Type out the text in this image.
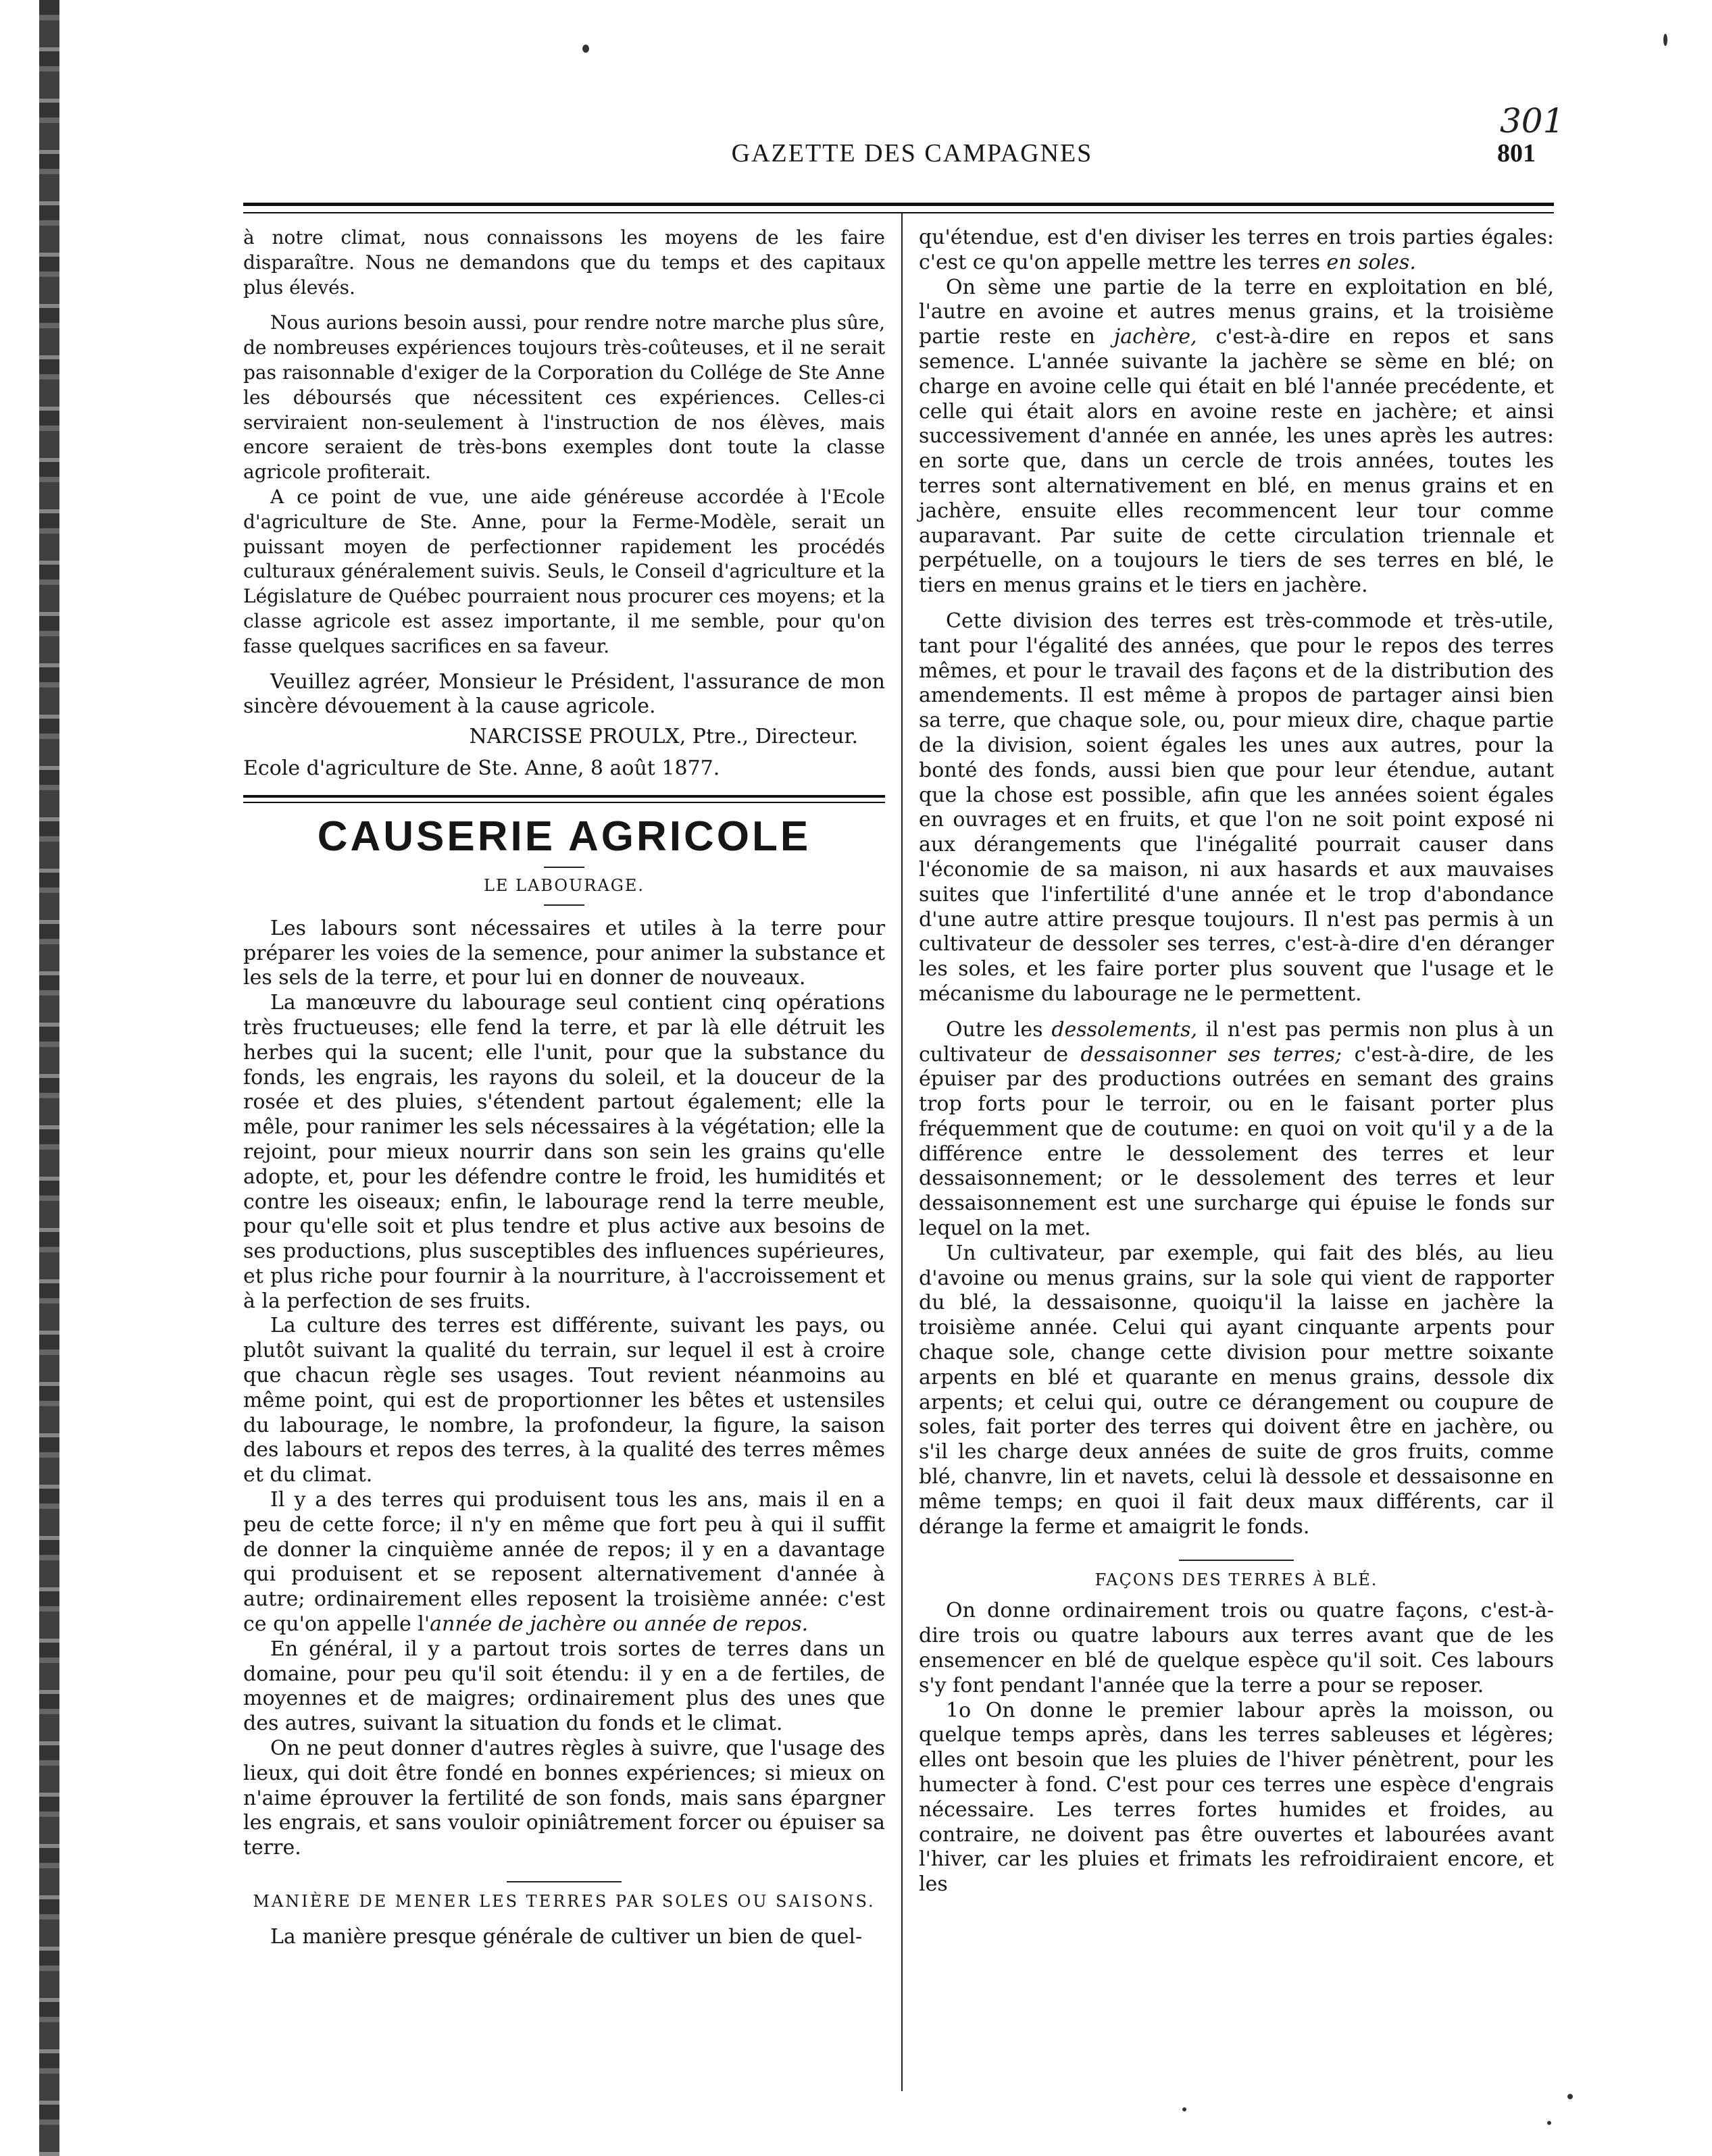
301
GAZETTE DES CAMPAGNES	801

à notre climat, nous connaissons les moyens de les faire disparaître. Nous ne demandons que du temps et des capitaux plus élevés.

Nous aurions besoin aussi, pour rendre notre marche plus sûre, de nombreuses expériences toujours très-coûteuses, et il ne serait pas raisonnable d'exiger de la Corporation du Collége de Ste Anne les déboursés que nécessitent ces expériences. Celles-ci serviraient non-seulement à l'instruction de nos élèves, mais encore seraient de très-bons exemples dont toute la classe agricole profiterait.

A ce point de vue, une aide généreuse accordée à l'Ecole d'agriculture de Ste. Anne, pour la Ferme-Modèle, serait un puissant moyen de perfectionner rapidement les procédés culturaux généralement suivis. Seuls, le Conseil d'agriculture et la Législature de Québec pourraient nous procurer ces moyens; et la classe agricole est assez importante, il me semble, pour qu'on fasse quelques sacrifices en sa faveur.

Veuillez agréer, Monsieur le Président, l'assurance de mon sincère dévouement à la cause agricole.

NARCISSE PROULX, Ptre., Directeur.

Ecole d'agriculture de Ste. Anne, 8 août 1877.

CAUSERIE AGRICOLE
LE LABOURAGE.

Les labours sont nécessaires et utiles à la terre pour préparer les voies de la semence, pour animer la substance et les sels de la terre, et pour lui en donner de nouveaux.

La manœuvre du labourage seul contient cinq opérations très fructueuses; elle fend la terre, et par là elle détruit les herbes qui la sucent; elle l'unit, pour que la substance du fonds, les engrais, les rayons du soleil, et la douceur de la rosée et des pluies, s'étendent partout également; elle la mêle, pour ranimer les sels nécessaires à la végétation; elle la rejoint, pour mieux nourrir dans son sein les grains qu'elle adopte, et, pour les défendre contre le froid, les humidités et contre les oiseaux; enfin, le labourage rend la terre meuble, pour qu'elle soit et plus tendre et plus active aux besoins de ses productions, plus susceptibles des influences supérieures, et plus riche pour fournir à la nourriture, à l'accroissement et à la perfection de ses fruits.

La culture des terres est différente, suivant les pays, ou plutôt suivant la qualité du terrain, sur lequel il est à croire que chacun règle ses usages. Tout revient néanmoins au même point, qui est de proportionner les bêtes et ustensiles du labourage, le nombre, la profondeur, la figure, la saison des labours et repos des terres, à la qualité des terres mêmes et du climat.

Il y a des terres qui produisent tous les ans, mais il en a peu de cette force; il n'y en même que fort peu à qui il suffit de donner la cinquième année de repos; il y en a davantage qui produisent et se reposent alternativement d'année à autre; ordinairement elles reposent la troisième année: c'est ce qu'on appelle l'année de jachère ou année de repos.

En général, il y a partout trois sortes de terres dans un domaine, pour peu qu'il soit étendu: il y en a de fertiles, de moyennes et de maigres; ordinairement plus des unes que des autres, suivant la situation du fonds et le climat.

On ne peut donner d'autres règles à suivre, que l'usage des lieux, qui doit être fondé en bonnes expériences; si mieux on n'aime éprouver la fertilité de son fonds, mais sans épargner les engrais, et sans vouloir opiniâtrement forcer ou épuiser sa terre.

MANIÈRE DE MENER LES TERRES PAR SOLES OU SAISONS.

La manière presque générale de cultiver un bien de quel-

qu'étendue, est d'en diviser les terres en trois parties égales: c'est ce qu'on appelle mettre les terres en soles.

On sème une partie de la terre en exploitation en blé, l'autre en avoine et autres menus grains, et la troisième partie reste en jachère, c'est-à-dire en repos et sans semence. L'année suivante la jachère se sème en blé; on charge en avoine celle qui était en blé l'année precédente, et celle qui était alors en avoine reste en jachère; et ainsi successivement d'année en année, les unes après les autres: en sorte que, dans un cercle de trois années, toutes les terres sont alternativement en blé, en menus grains et en jachère, ensuite elles recommencent leur tour comme auparavant. Par suite de cette circulation triennale et perpétuelle, on a toujours le tiers de ses terres en blé, le tiers en menus grains et le tiers en jachère.

Cette division des terres est très-commode et très-utile, tant pour l'égalité des années, que pour le repos des terres mêmes, et pour le travail des façons et de la distribution des amendements. Il est même à propos de partager ainsi bien sa terre, que chaque sole, ou, pour mieux dire, chaque partie de la division, soient égales les unes aux autres, pour la bonté des fonds, aussi bien que pour leur étendue, autant que la chose est possible, afin que les années soient égales en ouvrages et en fruits, et que l'on ne soit point exposé ni aux dérangements que l'inégalité pourrait causer dans l'économie de sa maison, ni aux hasards et aux mauvaises suites que l'infertilité d'une année et le trop d'abondance d'une autre attire presque toujours. Il n'est pas permis à un cultivateur de dessoler ses terres, c'est-à-dire d'en déranger les soles, et les faire porter plus souvent que l'usage et le mécanisme du labourage ne le permettent.

Outre les dessolements, il n'est pas permis non plus à un cultivateur de dessaisonner ses terres; c'est-à-dire, de les épuiser par des productions outrées en semant des grains trop forts pour le terroir, ou en le faisant porter plus fréquemment que de coutume: en quoi on voit qu'il y a de la différence entre le dessolement des terres et leur dessaisonnement; or le dessolement des terres et leur dessaisonnement est une surcharge qui épuise le fonds sur lequel on la met.

Un cultivateur, par exemple, qui fait des blés, au lieu d'avoine ou menus grains, sur la sole qui vient de rapporter du blé, la dessaisonne, quoiqu'il la laisse en jachère la troisième année. Celui qui ayant cinquante arpents pour chaque sole, change cette division pour mettre soixante arpents en blé et quarante en menus grains, dessole dix arpents; et celui qui, outre ce dérangement ou coupure de soles, fait porter des terres qui doivent être en jachère, ou s'il les charge deux années de suite de gros fruits, comme blé, chanvre, lin et navets, celui là dessole et dessaisonne en même temps; en quoi il fait deux maux différents, car il dérange la ferme et amaigrit le fonds.

FAÇONS DES TERRES À BLÉ.

On donne ordinairement trois ou quatre façons, c'est-à-dire trois ou quatre labours aux terres avant que de les ensemencer en blé de quelque espèce qu'il soit. Ces labours s'y font pendant l'année que la terre a pour se reposer.

1o On donne le premier labour après la moisson, ou quelque temps après, dans les terres sableuses et légères; elles ont besoin que les pluies de l'hiver pénètrent, pour les humecter à fond. C'est pour ces terres une espèce d'engrais nécessaire. Les terres fortes humides et froides, au contraire, ne doivent pas être ouvertes et labourées avant l'hiver, car les pluies et frimats les refroidiraient encore, et les
